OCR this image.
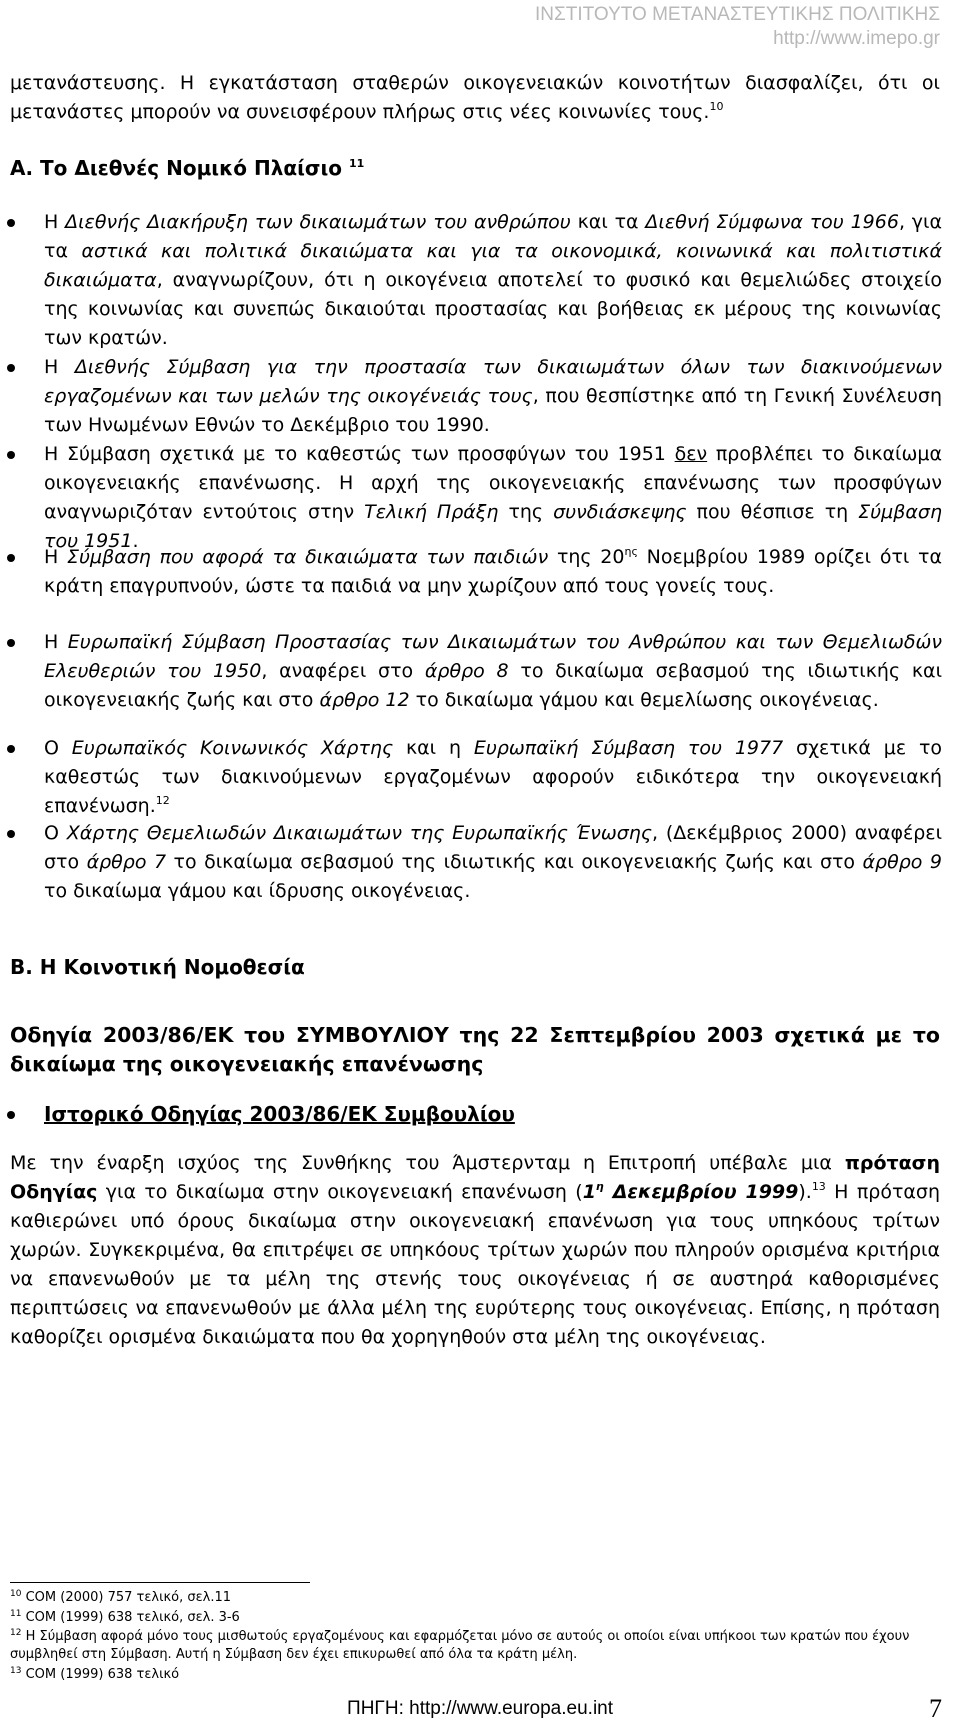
ΙΝΣΤΙΤΟΥΤΟ ΜΕΤΑΝΑΣΤΕΥΤΙΚΗΣ ΠΟΛΙΤΙΚΗΣ
http://www.imepo.gr

μετανάστευσης. Η εγκατάσταση σταθερών οικογενειακών κοινοτήτων διασφαλίζει, ότι οι μετανάστες μπορούν να συνεισφέρουν πλήρως στις νέες κοινωνίες τους.$^{10}$

Α. Το Διεθνές Νομικό Πλαίσιο $^{11}$

Η Διεθνής Διακήρυξη των δικαιωμάτων του ανθρώπου και τα Διεθνή Σύμφωνα του 1966, για τα αστικά και πολιτικά δικαιώματα και για τα οικονομικά, κοινωνικά και πολιτιστικά δικαιώματα, αναγνωρίζουν, ότι η οικογένεια αποτελεί το φυσικό και θεμελιώδες στοιχείο της κοινωνίας και συνεπώς δικαιούται προστασίας και βοήθειας εκ μέρους της κοινωνίας των κρατών.

Η Διεθνής Σύμβαση για την προστασία των δικαιωμάτων όλων των διακινούμενων εργαζομένων και των μελών της οικογένειάς τους, που θεσπίστηκε από τη Γενική Συνέλευση των Ηνωμένων Εθνών το Δεκέμβριο του 1990.

Η Σύμβαση σχετικά με το καθεστώς των προσφύγων του 1951 δεν προβλέπει το δικαίωμα οικογενειακής επανένωσης. Η αρχή της οικογενειακής επανένωσης των προσφύγων αναγνωριζόταν εντούτοις στην Τελική Πράξη της συνδιάσκεψης που θέσπισε τη Σύμβαση του 1951.

Η Σύμβαση που αφορά τα δικαιώματα των παιδιών της $20^{\eta\varsigma}$ Νοεμβρίου 1989 ορίζει ότι τα κράτη επαγρυπνούν, ώστε τα παιδιά να μην χωρίζουν από τους γονείς τους.

Η Ευρωπαϊκή Σύμβαση Προστασίας των Δικαιωμάτων του Ανθρώπου και των Θεμελιωδών Ελευθεριών του 1950, αναφέρει στο άρθρο 8 το δικαίωμα σεβασμού της ιδιωτικής και οικογενειακής ζωής και στο άρθρο 12 το δικαίωμα γάμου και θεμελίωσης οικογένειας.

Ο Ευρωπαϊκός Κοινωνικός Χάρτης και η Ευρωπαϊκή Σύμβαση του 1977 σχετικά με το καθεστώς των διακινούμενων εργαζομένων αφορούν ειδικότερα την οικογενειακή επανένωση.$^{12}$

Ο Χάρτης Θεμελιωδών Δικαιωμάτων της Ευρωπαϊκής Ένωσης, (Δεκέμβριος 2000) αναφέρει στο άρθρο 7 το δικαίωμα σεβασμού της ιδιωτικής και οικογενειακής ζωής και στο άρθρο 9 το δικαίωμα γάμου και ίδρυσης οικογένειας.

Β. Η Κοινοτική Νομοθεσία

Οδηγία 2003/86/ΕΚ του ΣΥΜΒΟΥΛΙΟΥ της 22 Σεπτεμβρίου 2003 σχετικά με το δικαίωμα της οικογενειακής επανένωσης

Ιστορικό Οδηγίας 2003/86/ΕΚ Συμβουλίου

Με την έναρξη ισχύος της Συνθήκης του Άμστερνταμ η Επιτροπή υπέβαλε μια πρόταση Οδηγίας για το δικαίωμα στην οικογενειακή επανένωση ($1^\eta$ Δεκεμβρίου 1999).$^{13}$ Η πρόταση καθιερώνει υπό όρους δικαίωμα στην οικογενειακή επανένωση για τους υπηκόους τρίτων χωρών. Συγκεκριμένα, θα επιτρέψει σε υπηκόους τρίτων χωρών που πληρούν ορισμένα κριτήρια να επανενωθούν με τα μέλη της στενής τους οικογένειας ή σε αυστηρά καθορισμένες περιπτώσεις να επανενωθούν με άλλα μέλη της ευρύτερης τους οικογένειας. Επίσης, η πρόταση καθορίζει ορισμένα δικαιώματα που θα χορηγηθούν στα μέλη της οικογένειας.

$^{10}$ COM (2000) 757 τελικό, σελ.11

$^{11}$ COM (1999) 638 τελικό, σελ. 3-6

$^{12}$ Η Σύμβαση αφορά μόνο τους μισθωτούς εργαζομένους και εφαρμόζεται μόνο σε αυτούς οι οποίοι είναι υπήκοοι των κρατών που έχουν συμβληθεί στη Σύμβαση. Αυτή η Σύμβαση δεν έχει επικυρωθεί από όλα τα κράτη μέλη.

$^{13}$ COM (1999) 638 τελικό

ΠΗΓΗ: http://www.europa.eu.int	7
